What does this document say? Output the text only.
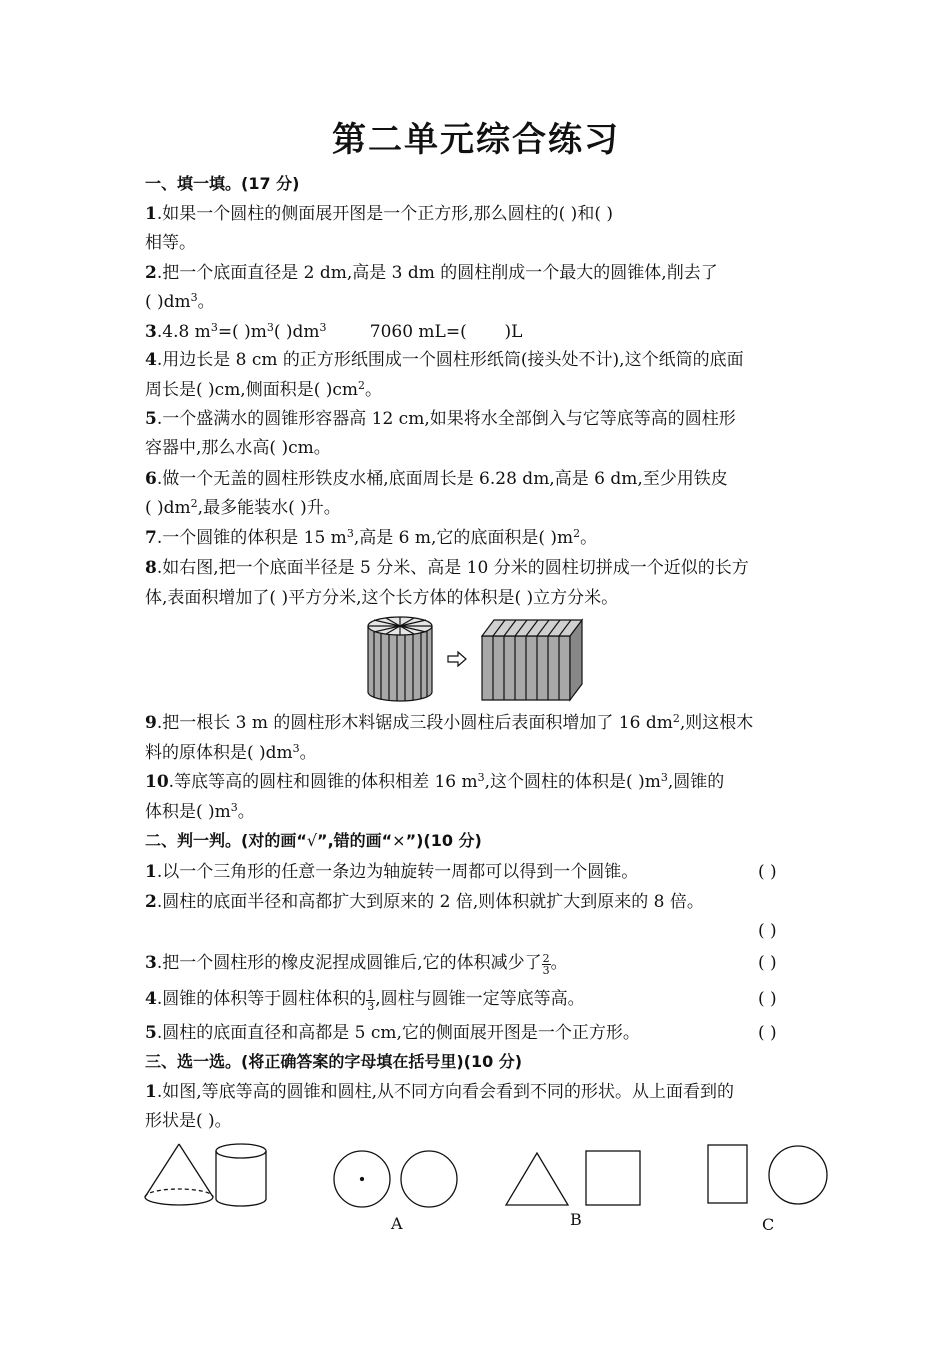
第二单元综合练习
一、填一填。(17 分)
1.如果一个圆柱的侧面展开图是一个正方形,那么圆柱的( )和( )
相等。
2.把一个底面直径是 2 dm,高是 3 dm 的圆柱削成一个最大的圆锥体,削去了
( )$dm^3$。
3.4.8 $m^3=$( )$m^3$( )$dm^3$        7060 mL=(       )L
4.用边长是 8 cm 的正方形纸围成一个圆柱形纸筒(接头处不计),这个纸筒的底面
周长是( )cm,侧面积是( )$cm^2$。
5.一个盛满水的圆锥形容器高 12 cm,如果将水全部倒入与它等底等高的圆柱形
容器中,那么水高( )cm。
6.做一个无盖的圆柱形铁皮水桶,底面周长是 6.28 dm,高是 6 dm,至少用铁皮
( )$dm^2$,最多能装水( )升。
7.一个圆锥的体积是 15 $m^3$,高是 6 m,它的底面积是( )$m^2$。
8.如右图,把一个底面半径是 5 分米、高是 10 分米的圆柱切拼成一个近似的长方
体,表面积增加了( )平方分米,这个长方体的体积是( )立方分米。
9.把一根长 3 m 的圆柱形木料锯成三段小圆柱后表面积增加了 16 $dm^2$,则这根木
料的原体积是( )$dm^3$。
10.等底等高的圆柱和圆锥的体积相差 16 $m^3$,这个圆柱的体积是( )$m^3$,圆锥的
体积是( )$m^3$。
二、判一判。(对的画“√”,错的画“×”)(10 分)
1.以一个三角形的任意一条边为轴旋转一周都可以得到一个圆锥。	( )
2.圆柱的底面半径和高都扩大到原来的 2 倍,则体积就扩大到原来的 8 倍。
( )
3.把一个圆柱形的橡皮泥捏成圆锥后,它的体积减少了 $\frac{2}{3}$ 。	( )
4.圆锥的体积等于圆柱体积的 $\frac{1}{3}$ ,圆柱与圆锥一定等底等高。	( )
5.圆柱的底面直径和高都是 5 cm,它的侧面展开图是一个正方形。	( )
三、选一选。(将正确答案的字母填在括号里)(10 分)
1.如图,等底等高的圆锥和圆柱,从不同方向看会看到不同的形状。从上面看到的
形状是( )。
A	B	C
